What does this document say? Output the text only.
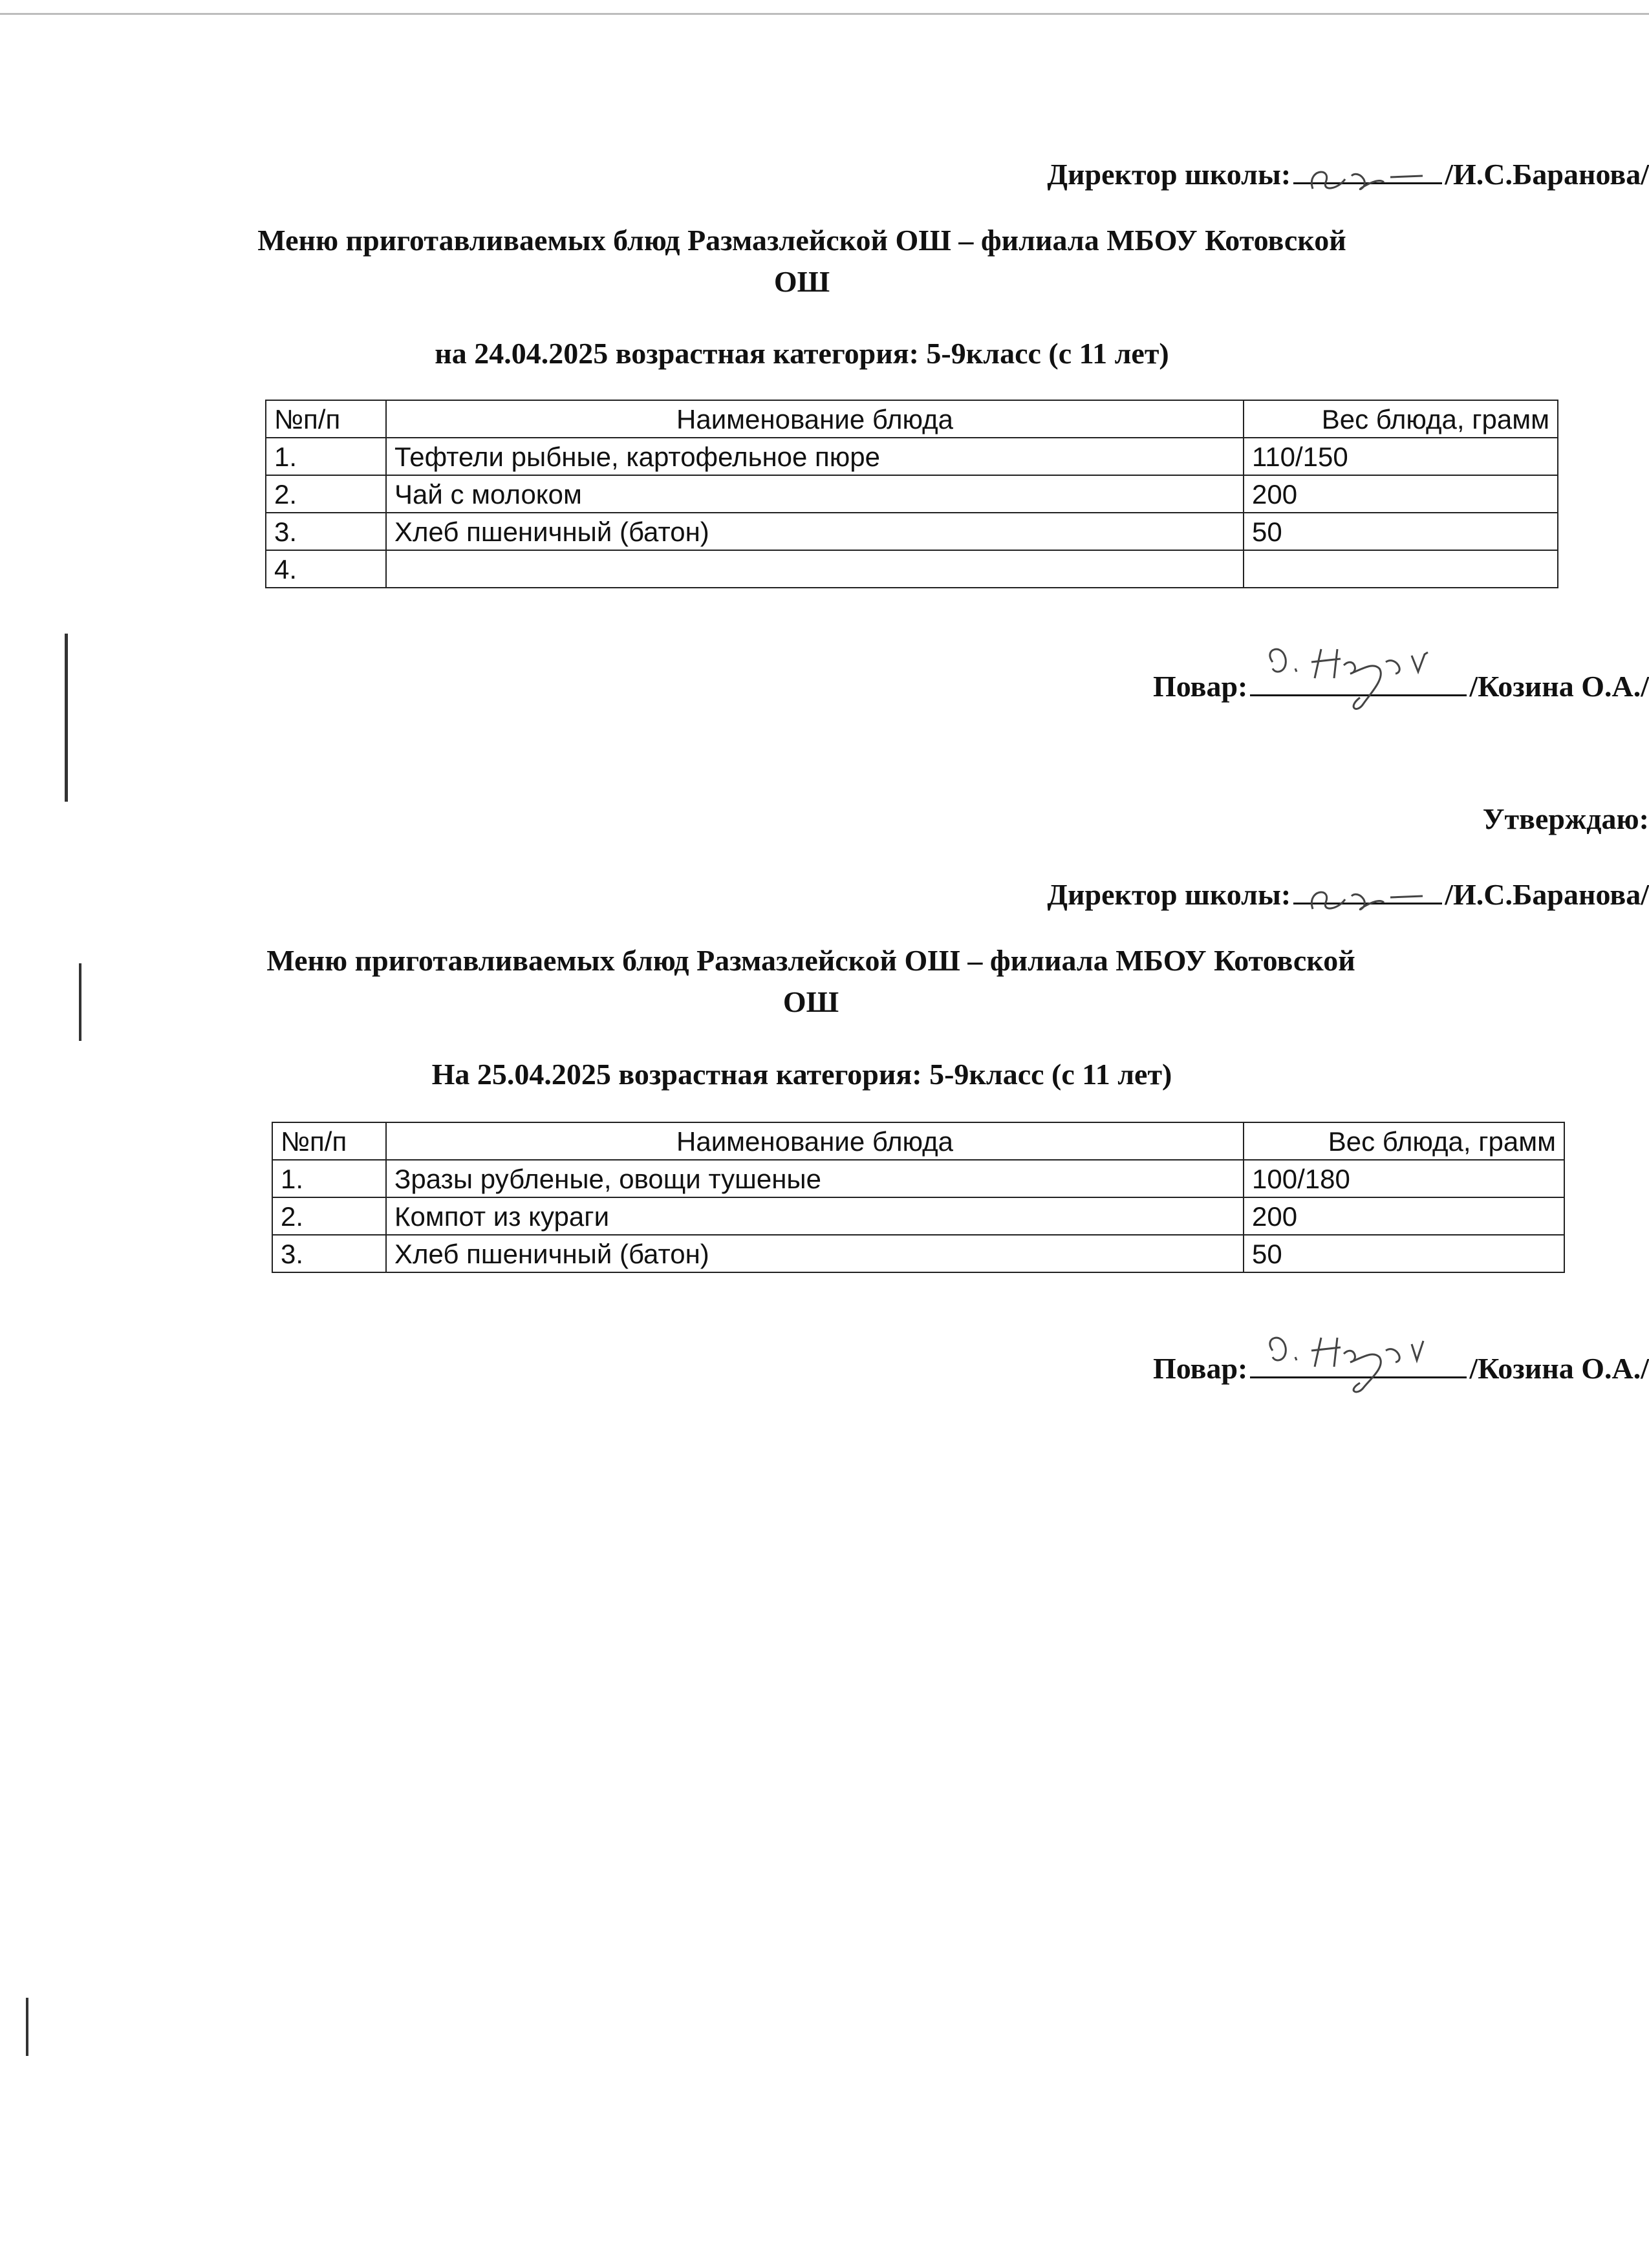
Директор школы:	/И.С.Баранова/
Меню приготавливаемых блюд Размазлейской ОШ – филиала МБОУ Котовской
ОШ
на 24.04.2025 возрастная категория: 5-9класс (с 11 лет)
№п/п	Наименование блюда	Вес блюда, грамм
1.	Тефтели рыбные, картофельное пюре	110/150
2.	Чай с молоком	200
3.	Хлеб пшеничный (батон)	50
4.		
Повар:	/Козина О.А./
Утверждаю:
Директор школы:	/И.С.Баранова/
Меню приготавливаемых блюд Размазлейской ОШ – филиала МБОУ Котовской
ОШ
На 25.04.2025 возрастная категория: 5-9класс (с 11 лет)
№п/п	Наименование блюда	Вес блюда, грамм
1.	Зразы рубленые, овощи тушеные	100/180
2.	Компот из кураги	200
3.	Хлеб пшеничный (батон)	50
Повар:	/Козина О.А./
